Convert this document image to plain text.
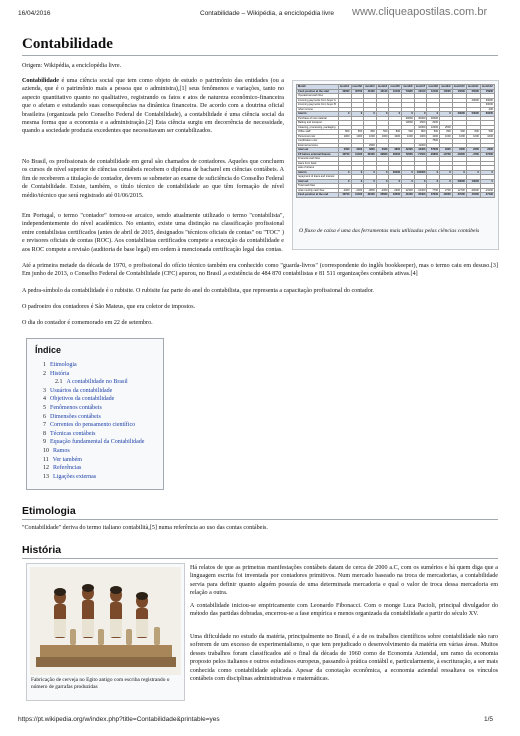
16/04/2016	Contabilidade – Wikipédia, a enciclopédia livre www.cliqueapostilas.com.br
Contabilidade
Origem: Wikipédia, a enciclopédia livre.

Contabilidade é uma ciência social que tem como objeto de estudo o patrimônio das entidades (ou a azienda, que é o patrimônio mais a pessoa que o administra),[1] seus fenômenos e variações, tanto no aspecto quantitativo quanto no qualitativo, registrando os fatos e atos de natureza econômico-financeira que o afetam e estudando suas consequências na dinâmica financeira. De acordo com a doutrina oficial brasileira (organizada pelo Conselho Federal de Contabilidade), a contabilidade é uma ciência social da mesma forma que a economia e a administração.[2] Esta ciência surgiu em decorrência de necessidade, quando a sociedade produzia excedentes que necessitavam ser contabilizados.

No Brasil, os profissionais de contabilidade em geral são chamados de contadores. Aqueles que concluem os cursos de nível superior de ciências contábeis recebem o diploma de bacharel em ciências contábeis. A fim de receberem a titulação de contador, devem se submeter ao exame de suficiência do Conselho Federal de Contabilidade. Existe, também, o título técnico de contabilidade ao que têm formação de nível médio/técnico que será registrado até 01/06/2015.

Em Portugal, o termo "contador" tornou-se arcaico, sendo atualmente utilizado o termo "contabilista", independentemente do nível académico. No entanto, existe uma distinção na classificação profissional entre contabilistas certificados (antes de abril de 2015, designados "técnicos oficiais de contas" ou "TOC" ) e revisores oficiais de contas (ROC). Aos contabilistas certificados compete a execução da contabilidade e aos ROC compete a revisão (auditoria de base legal) em ordem à mencionada certificação legal das contas.

Month	month1	month2	month3	month4	month5	month6	month7	month8	month9	month10	month11	month12
Cash position at the start	40000	40700	41900	42100	42100	74900	12100	12100	13500	15000	25000	15900
Operational cash flow												
incoming payments from buyer A											20000	30000
incoming payments from buyer B												30000
other income												200
total in	0	0	0	0	0	0	0	0	0	20000	50000	60200
Purchase of raw material						30000	30000	30000				
Batting and transport						10000	2500	2000				
Cleaning, processing, packaging							10000	10000	2500			
Office staff	800	500	800	500	800	500	800	500	800	500	800	500
Personnel cost	1000	1000	1000	1000	1000	1000	1000	1000	1000	1000	1000	1000
Certification cost								7500				
External services			2500				11000					
total out	2300	3300	3800	2300	3800	42300	16300	57000	9300	2300	2300	2300
CF before external finance	40700	41400	38100	39800	36300	72600	-71500	-29800	-13700	-16300	-4700	27300
Financial cash flow												
loans from bank												
sale of shares												
total in	0	0	0	0	30000	0	100000	0	0	0	0	0
repayment of loans and interest												
total out	0	0	0	0	0	0	0	0	0	20000	10000	0
Total cash flow												
total monthly cash flow	-2300	-2300	-3800	-2300	-2300	42300	-16300	7700	2700	12700	-30000	-21100
Cash position at the end	40700	41400	38100	35800	33500	41600	35300	37000	42000	37000	45200	47100
O fluxo de caixa é uma das ferramentas mais utilizadas pelas ciências contábeis

Até a primeira metade da década de 1970, o profissional do ofício técnico também era conhecido como "guarda-livros" (correspondente do inglês bookkeeper), mas o termo caiu em desuso.[3] Em junho de 2013, o Conselho Federal de Contabilidade (CFC) apurou, no Brasil ,a existência de 484 870 contabilistas e 81 511 organizações contábeis ativas.[4]

A pedra-símbolo da contabilidade é o rubisite. O rubisite faz parte do anel do contabilista, que representa a capacitação profissional do contador.

O padroeiro dos contadores é São Mateus, que era coletor de impostos.

O dia do contador é comemorado em 22 de setembro.

Índice
1 Etimologia
2 História
2.1 A contabilidade no Brasil
3 Usuários da contabilidade
4 Objetivos da contabilidade
5 Fenômenos contábeis
6 Dimensões contábeis
7 Correntes do pensamento científico
8 Técnicas contábeis
9 Equação fundamental da Contabilidade
10 Ramos
11 Ver também
12 Referências
13 Ligações externas
Etimologia

"Contabilidade" deriva do termo italiano contabilità,[5] numa referência ao uso das contas contábeis.

História
Fabricação de cerveja no Egito antigo com escriba registrando o número de garrafas produzidas

Há relatos de que as primeiras manifestações contábeis datam de cerca de 2000 a.C, com os sumérios e há quem diga que a linguagem escrita foi inventada por contadores primitivos. Num mercado baseado na troca de mercadorias, a contabilidade servia para definir quanto alguém possuía de uma determinada mercadoria e qual o valor de troca dessa mercadoria em relação a outra.

A contabilidade iniciou-se empiricamente com Leonardo Fibonacci. Com o monge Luca Pacioli, principal divulgador do método das partidas dobradas, encerrou-se a fase empírica e menos organizada da contabilidade a partir do século XV.

Uma dificuldade no estudo da matéria, principalmente no Brasil, é a de os trabalhos científicos sobre contabilidade não raro sofrerem de um excesso de experimentalismo, o que tem prejudicado o desenvolvimento da matéria em várias áreas. Muitos desses trabalhos foram classificados até o final da década de 1960 como de Economia Aziendal, um ramo da economia proposto pelos italianos e outros estudiosos europeus, passando à prática contábil e, particularmente, à escrituração, a ser mais conhecida como contabilidade aplicada. Apesar da conotação econômica, a economia aziendal ressaltava os vínculos contábeis com disciplinas administrativas e matemáticas.

https://pt.wikipedia.org/w/index.php?title=Contabilidade&printable=yes	1/5
